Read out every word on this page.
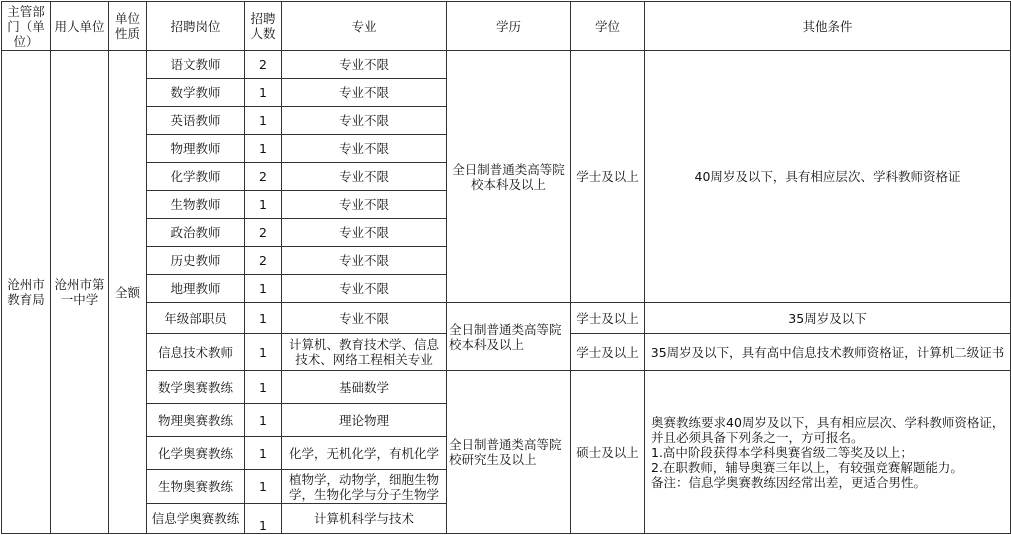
主管部门（单位）	用人单位	单位性质	招聘岗位	招聘人数	专业	学历	学位	其他条件
沧州市教育局	沧州市第一中学	全额	语文教师	2	专业不限	全日制普通类高等院校本科及以上	学士及以上	40周岁及以下，具有相应层次、学科教师资格证
			数学教师	1	专业不限			
			英语教师	1	专业不限			
			物理教师	1	专业不限			
			化学教师	2	专业不限			
			生物教师	1	专业不限			
			政治教师	2	专业不限			
			历史教师	2	专业不限			
			地理教师	1	专业不限			
			年级部职员	1	专业不限	全日制普通类高等院校本科及以上	学士及以上	35周岁及以下
			信息技术教师	1	计算机、教育技术学、信息技术、网络工程相关专业		学士及以上	35周岁及以下，具有高中信息技术教师资格证，计算机二级证书
			数学奥赛教练	1	基础数学	全日制普通类高等院校研究生及以上	硕士及以上	奥赛教练要求40周岁及以下，具有相应层次、学科教师资格证，并且必须具备下列条之一，方可报名。
1.高中阶段获得本学科奥赛省级二等奖及以上；
2.在职教师，辅导奥赛三年以上，有较强竞赛解题能力。
备注：信息学奥赛教练因经常出差，更适合男性。
			物理奥赛教练	1	理论物理			
			化学奥赛教练	1	化学，无机化学，有机化学			
			生物奥赛教练	1	植物学，动物学，细胞生物学，生物化学与分子生物学			
			信息学奥赛教练	1	计算机科学与技术			
